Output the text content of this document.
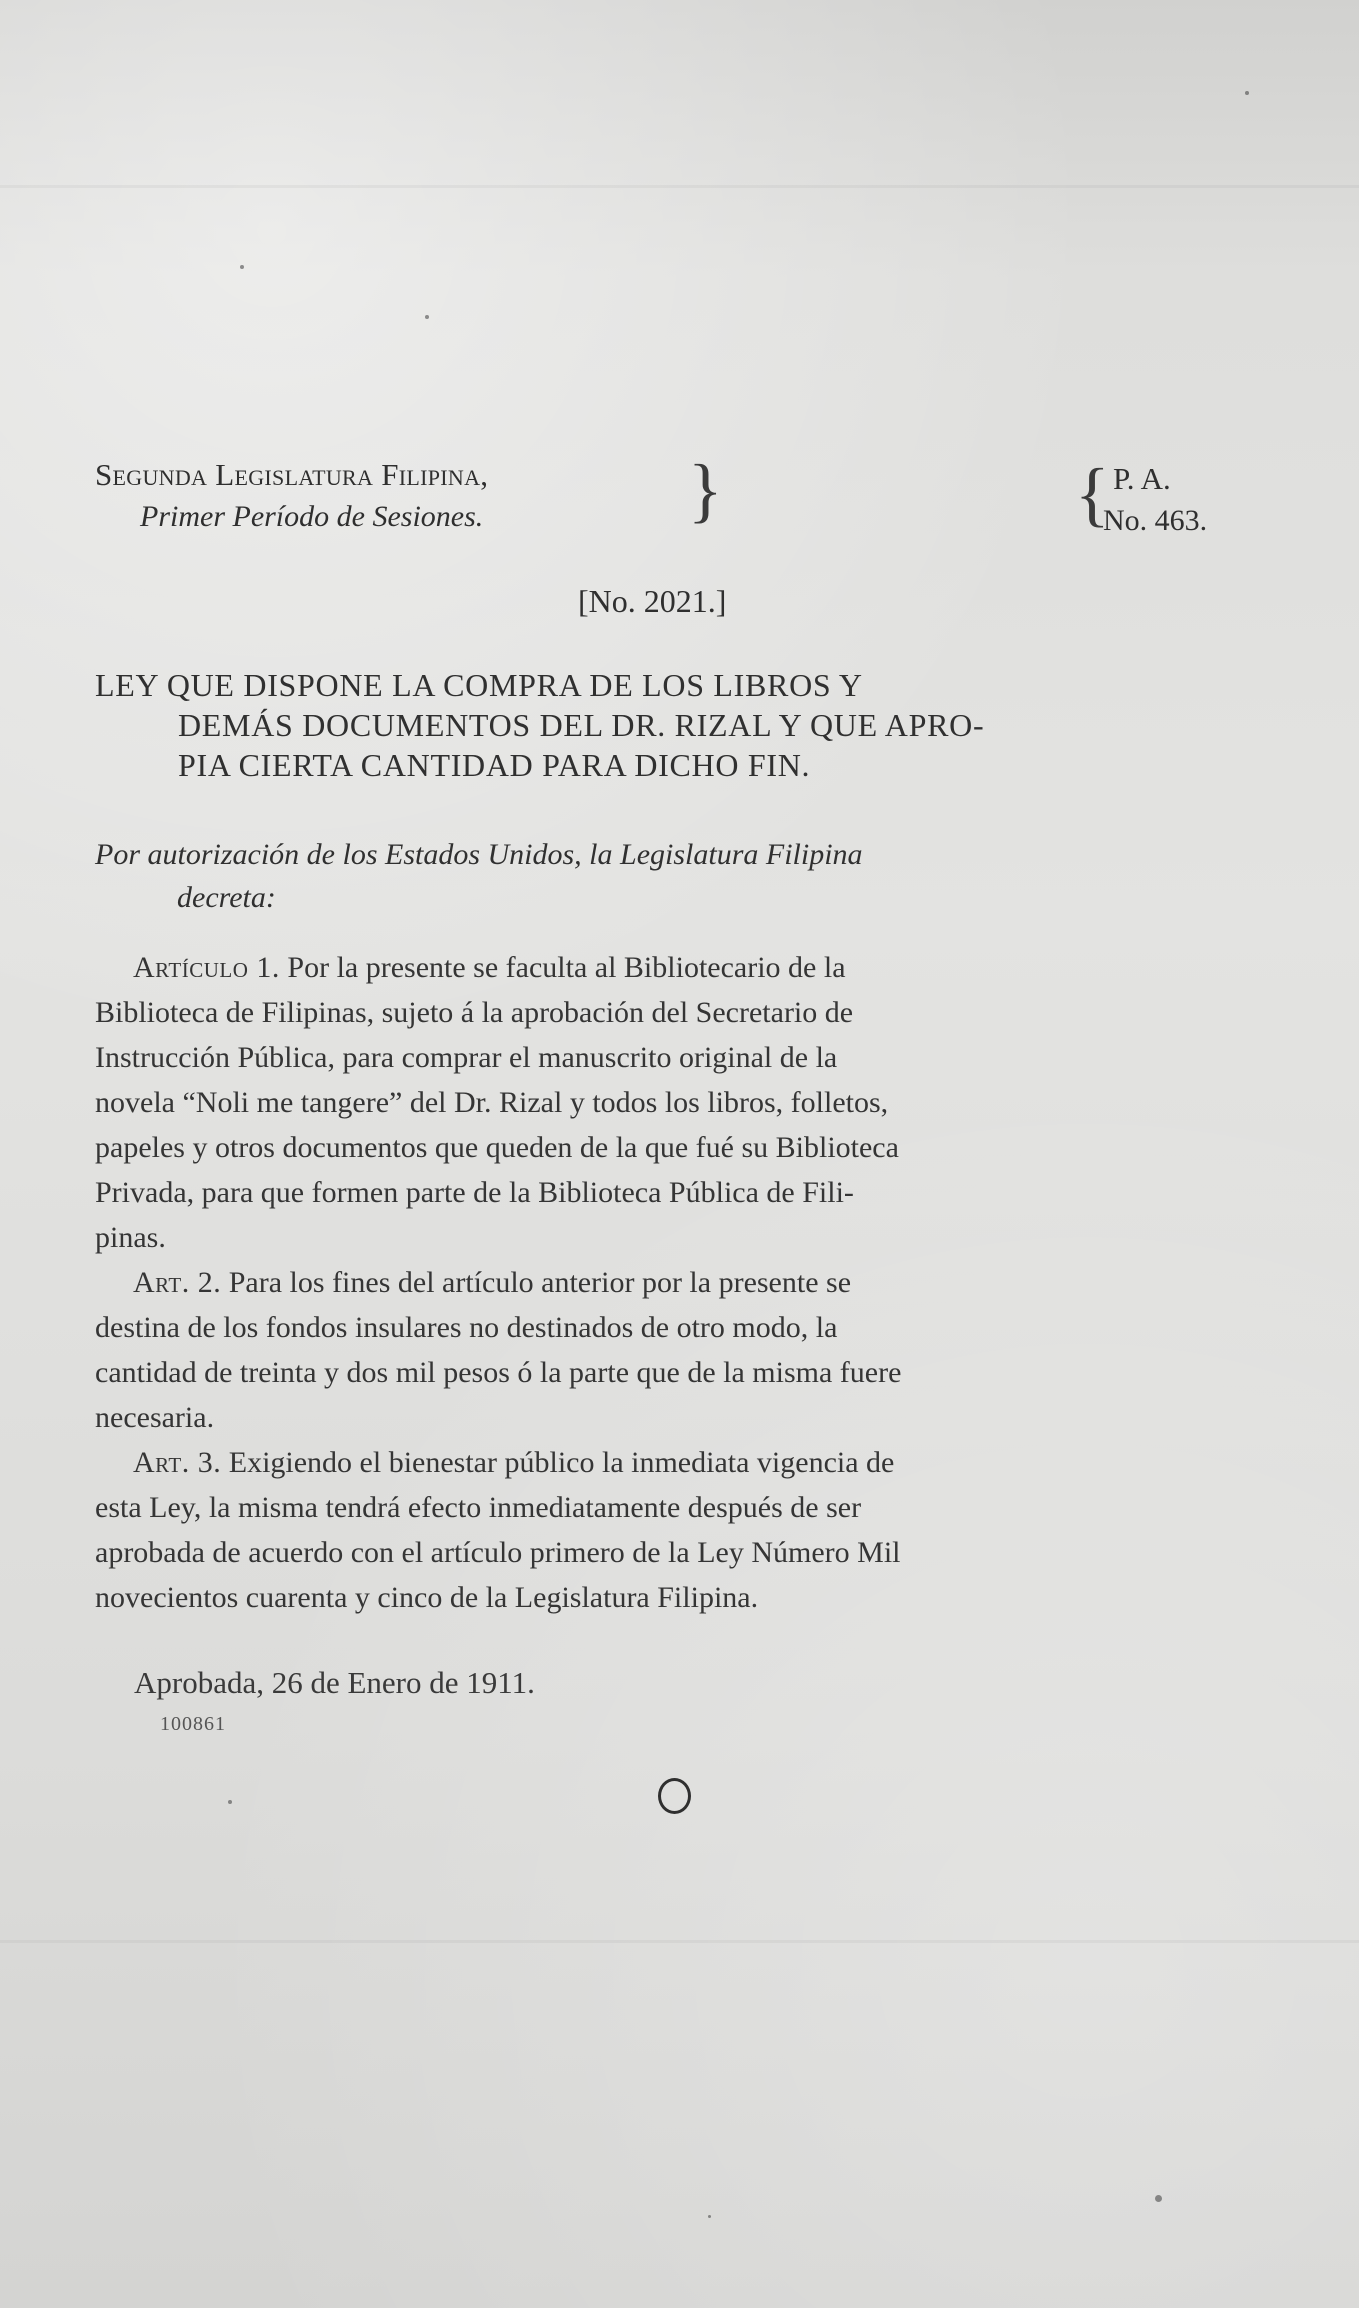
Segunda Legislatura Filipina,
Primer Período de Sesiones.	}	{ P. A.
No. 463.
[No. 2021.]
LEY QUE DISPONE LA COMPRA DE LOS LIBROS Y
DEMÁS DOCUMENTOS DEL DR. RIZAL Y QUE APRO-
PIA CIERTA CANTIDAD PARA DICHO FIN.
Por autorización de los Estados Unidos, la Legislatura Filipina
decreta:
Artículo 1. Por la presente se faculta al Bibliotecario de la
Biblioteca de Filipinas, sujeto á la aprobación del Secretario de
Instrucción Pública, para comprar el manuscrito original de la
novela “Noli me tangere” del Dr. Rizal y todos los libros, folletos,
papeles y otros documentos que queden de la que fué su Biblioteca
Privada, para que formen parte de la Biblioteca Pública de Fili-
pinas.
Art. 2. Para los fines del artículo anterior por la presente se
destina de los fondos insulares no destinados de otro modo, la
cantidad de treinta y dos mil pesos ó la parte que de la misma fuere
necesaria.
Art. 3. Exigiendo el bienestar público la inmediata vigencia de
esta Ley, la misma tendrá efecto inmediatamente después de ser
aprobada de acuerdo con el artículo primero de la Ley Número Mil
novecientos cuarenta y cinco de la Legislatura Filipina.
Aprobada, 26 de Enero de 1911.
100861
